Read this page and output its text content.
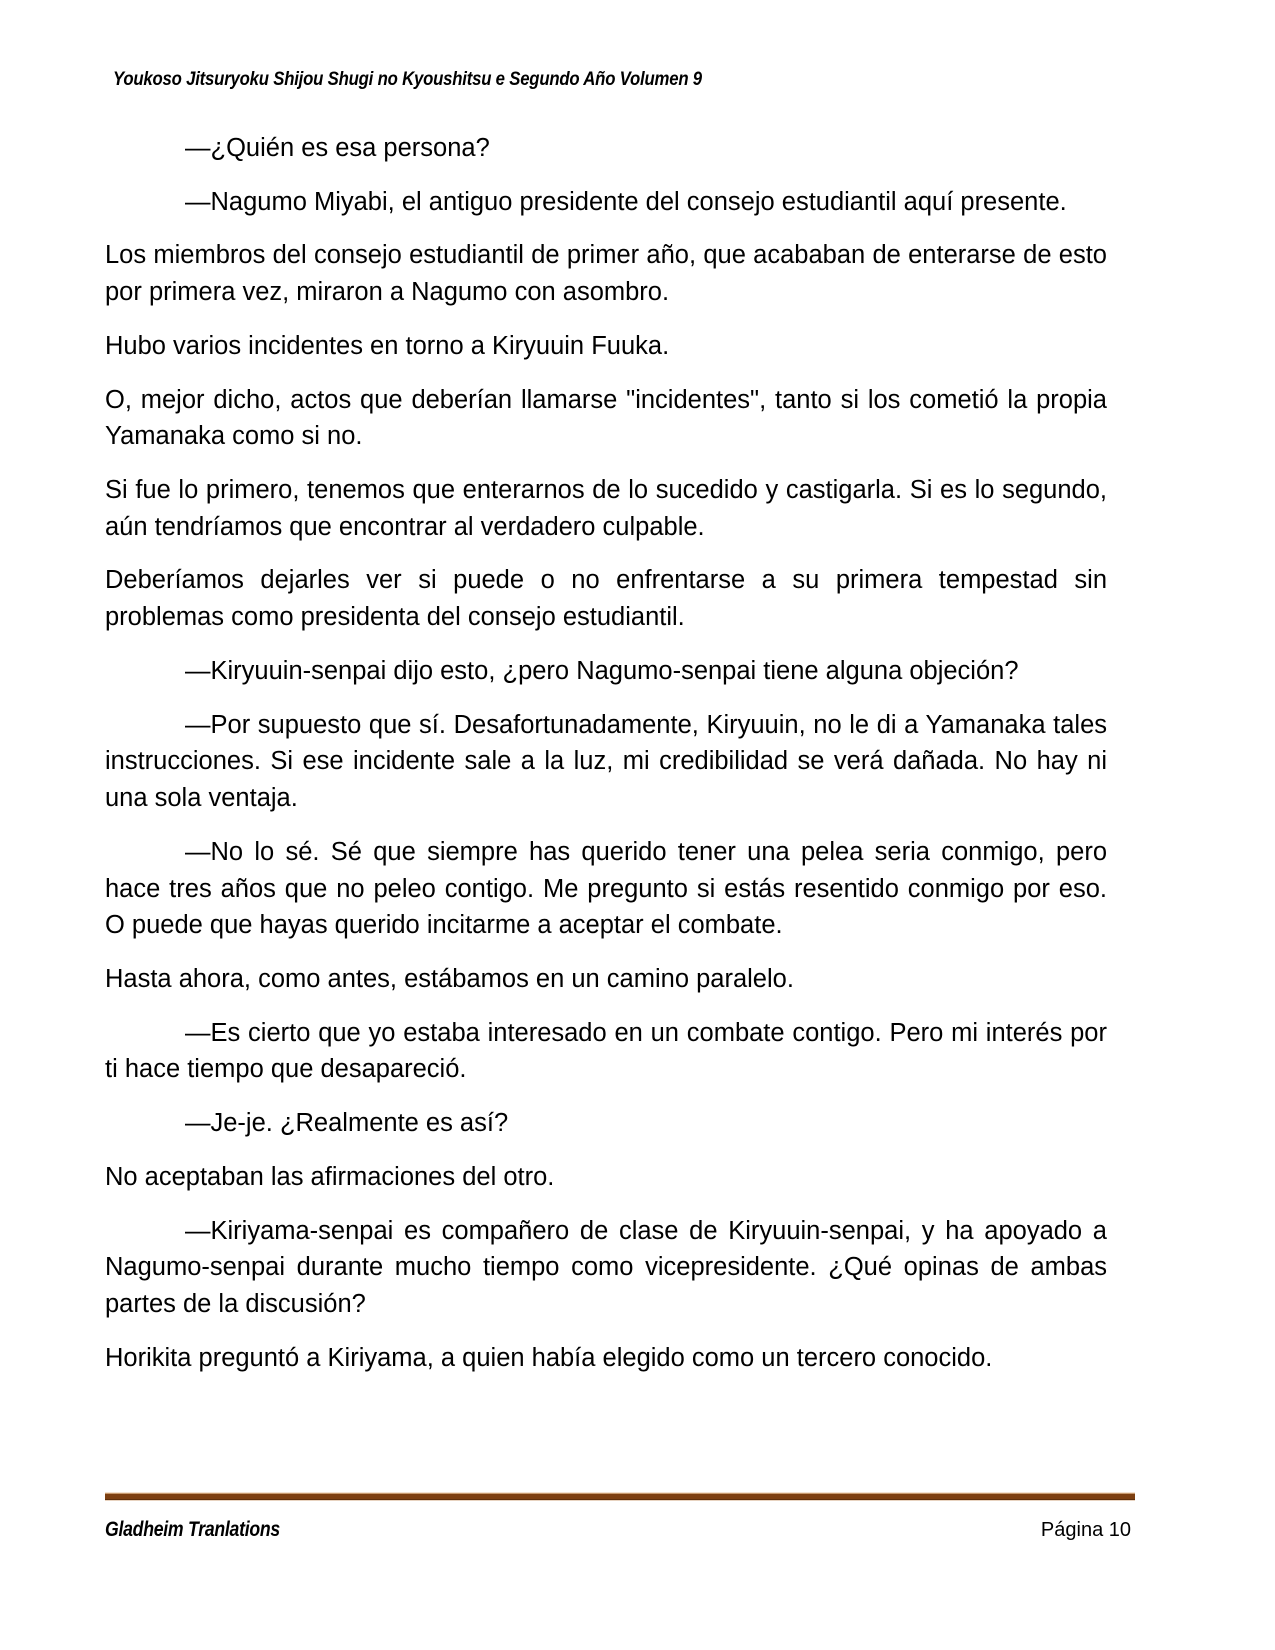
Youkoso Jitsuryoku Shijou Shugi no Kyoushitsu e Segundo Año Volumen 9

—¿Quién es esa persona?

—Nagumo Miyabi, el antiguo presidente del consejo estudiantil aquí presente.

Los miembros del consejo estudiantil de primer año, que acababan de enterarse de esto por primera vez, miraron a Nagumo con asombro.

Hubo varios incidentes en torno a Kiryuuin Fuuka.

O, mejor dicho, actos que deberían llamarse "incidentes", tanto si los cometió la propia Yamanaka como si no.

Si fue lo primero, tenemos que enterarnos de lo sucedido y castigarla. Si es lo segundo, aún tendríamos que encontrar al verdadero culpable.

Deberíamos dejarles ver si puede o no enfrentarse a su primera tempestad sin problemas como presidenta del consejo estudiantil.

—Kiryuuin-senpai dijo esto, ¿pero Nagumo-senpai tiene alguna objeción?

—Por supuesto que sí. Desafortunadamente, Kiryuuin, no le di a Yamanaka tales instrucciones. Si ese incidente sale a la luz, mi credibilidad se verá dañada. No hay ni una sola ventaja.

—No lo sé. Sé que siempre has querido tener una pelea seria conmigo, pero hace tres años que no peleo contigo. Me pregunto si estás resentido conmigo por eso. O puede que hayas querido incitarme a aceptar el combate.

Hasta ahora, como antes, estábamos en un camino paralelo.

—Es cierto que yo estaba interesado en un combate contigo. Pero mi interés por ti hace tiempo que desapareció.

—Je-je. ¿Realmente es así?

No aceptaban las afirmaciones del otro.

—Kiriyama-senpai es compañero de clase de Kiryuuin-senpai, y ha apoyado a Nagumo-senpai durante mucho tiempo como vicepresidente. ¿Qué opinas de ambas partes de la discusión?

Horikita preguntó a Kiriyama, a quien había elegido como un tercero conocido.

Gladheim Tranlations	Página 10
